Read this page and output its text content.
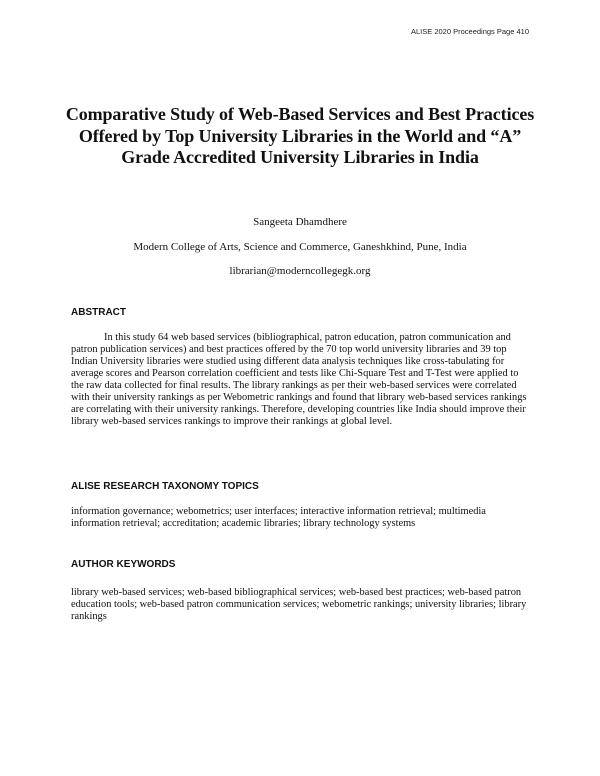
ALISE 2020 Proceedings Page 410
Comparative Study of Web-Based Services and Best Practices Offered by Top University Libraries in the World and “A” Grade Accredited University Libraries in India
Sangeeta Dhamdhere
Modern College of Arts, Science and Commerce, Ganeshkhind, Pune, India
librarian@moderncollegegk.org
ABSTRACT

In this study 64 web based services (bibliographical, patron education, patron communication and patron publication services) and best practices offered by the 70 top world university libraries and 39 top Indian University libraries were studied using different data analysis techniques like cross-tabulating for average scores and Pearson correlation coefficient and tests like Chi-Square Test and T-Test were applied to the raw data collected for final results. The library rankings as per their web-based services were correlated with their university rankings as per Webometric rankings and found that library web-based services rankings are correlating with their university rankings. Therefore, developing countries like India should improve their library web-based services rankings to improve their rankings at global level.

ALISE RESEARCH TAXONOMY TOPICS

information governance; webometrics; user interfaces; interactive information retrieval; multimedia information retrieval; accreditation; academic libraries; library technology systems

AUTHOR KEYWORDS

library web-based services; web-based bibliographical services; web-based best practices; web-based patron education tools; web-based patron communication services; webometric rankings; university libraries; library rankings
